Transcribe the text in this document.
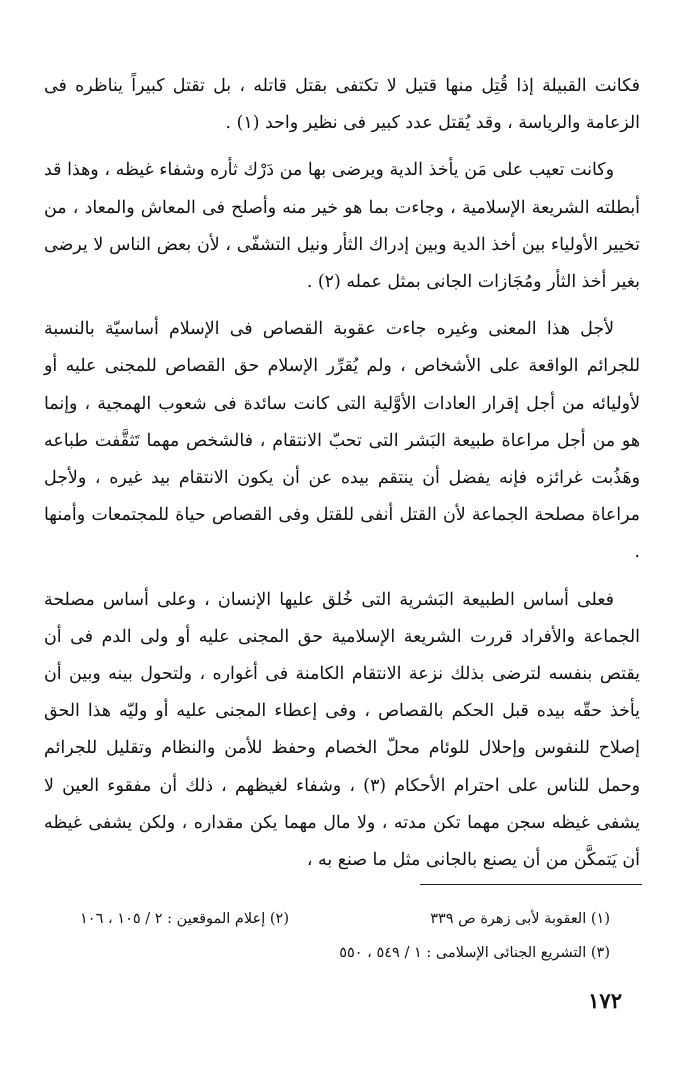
فكانت القبيلة إذا قُتِل منها قتيل لا تكتفى بقتل قاتله ، بل تقتل كبيراً يناظره فى الزعامة والرياسة ، وقد يُقتل عدد كبير فى نظير واحد (١) .

وكانت تعيب على مَن يأخذ الدية ويرضى بها من دَرْك ثأره وشفاء غيظه ، وهذا قد أبطلته الشريعة الإسلامية ، وجاءت بما هو خير منه وأصلح فى المعاش والمعاد ، من تخيير الأولياء بين أخذ الدية وبين إدراك الثأر ونيل التشفّى ، لأن بعض الناس لا يرضى بغير أخذ الثأر ومُجَازات الجانى بمثل عمله (٢) .

لأجل هذا المعنى وغيره جاءت عقوبة القصاص فى الإسلام أساسيّة بالنسبة للجرائم الواقعة على الأشخاص ، ولم يُقرِّر الإسلام حق القصاص للمجنى عليه أو لأوليائه من أجل إقرار العادات الأوَّلية التى كانت سائدة فى شعوب الهمجية ، وإنما هو من أجل مراعاة طبيعة البَشر التى تحبّ الانتقام ، فالشخص مهما تَثقَّفت طباعه وهَذُبت غرائزه فإنه يفضل أن ينتقم بيده عن أن يكون الانتقام بيد غيره ، ولأجل مراعاة مصلحة الجماعة لأن القتل أنفى للقتل وفى القصاص حياة للمجتمعات وأمنها .

فعلى أساس الطبيعة البَشرية التى خُلق عليها الإنسان ، وعلى أساس مصلحة الجماعة والأفراد قررت الشريعة الإسلامية حق المجنى عليه أو ولى الدم فى أن يقتص بنفسه لترضى بذلك نزعة الانتقام الكامنة فى أغواره ، ولتحول بينه وبين أن يأخذ حقّه بيده قبل الحكم بالقصاص ، وفى إعطاء المجنى عليه أو وليّه هذا الحق إصلاح للنفوس وإحلال للوئام محلّ الخصام وحفظ للأمن والنظام وتقليل للجرائم وحمل للناس على احترام الأحكام (٣) ، وشفاء لغيظهم ، ذلك أن مفقوء العين لا يشفى غيظه سجن مهما تكن مدته ، ولا مال مهما يكن مقداره ، ولكن يشفى غيظه أن يَتمكَّن من أن يصنع بالجانى مثل ما صنع به ،

(١) العقوبة لأبى زهرة ص ٣٣٩
(٢) إعلام الموقعين : ٢ / ١٠٥ ، ١٠٦
(٣) التشريع الجنائى الإسلامى : ١ / ٥٤٩ ، ٥٥٠
١٧٢
